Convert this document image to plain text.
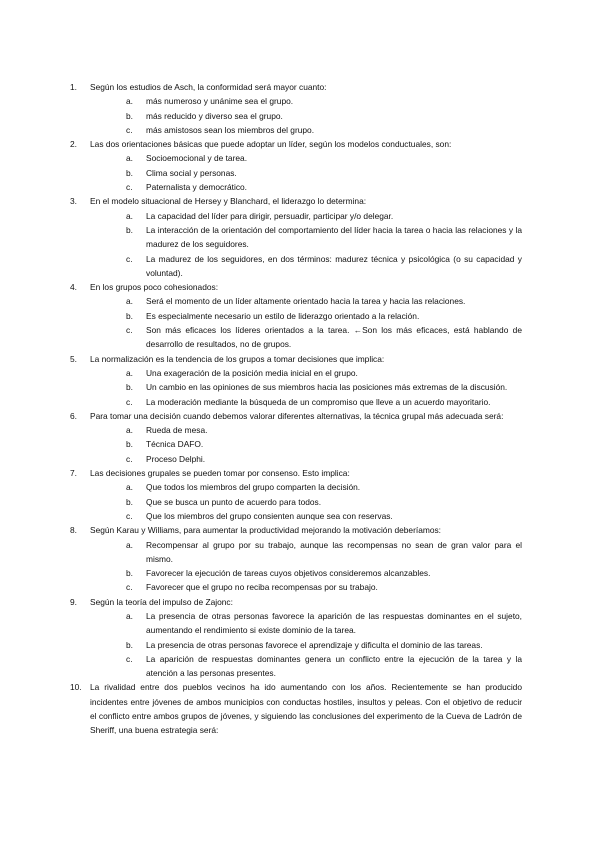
1.	Según los estudios de Asch, la conformidad será mayor cuanto:
a. más numeroso y unánime sea el grupo.
b. más reducido y diverso sea el grupo.
c. más amistosos sean los miembros del grupo.
2.	Las dos orientaciones básicas que puede adoptar un líder, según los modelos conductuales, son:
a. Socioemocional y de tarea.
b. Clima social y personas.
c. Paternalista y democrático.
3.	En el modelo situacional de Hersey y Blanchard, el liderazgo lo determina:
a. La capacidad del líder para dirigir, persuadir, participar y/o delegar.
b. La interacción de la orientación del comportamiento del líder hacia la tarea o hacia las relaciones y la madurez de los seguidores.
c. La madurez de los seguidores, en dos términos: madurez técnica y psicológica (o su capacidad y voluntad).
4.	En los grupos poco cohesionados:
a. Será el momento de un líder altamente orientado hacia la tarea y hacia las relaciones.
b. Es especialmente necesario un estilo de liderazgo orientado a la relación.
c. Son más eficaces los líderes orientados a la tarea. ←Son los más eficaces, está hablando de desarrollo de resultados, no de grupos.
5.	La normalización es la tendencia de los grupos a tomar decisiones que implica:
a. Una exageración de la posición media inicial en el grupo.
b. Un cambio en las opiniones de sus miembros hacia las posiciones más extremas de la discusión.
c. La moderación mediante la búsqueda de un compromiso que lleve a un acuerdo mayoritario.
6.	Para tomar una decisión cuando debemos valorar diferentes alternativas, la técnica grupal más adecuada será:
a. Rueda de mesa.
b. Técnica DAFO.
c. Proceso Delphi.
7.	Las decisiones grupales se pueden tomar por consenso. Esto implica:
a. Que todos los miembros del grupo comparten la decisión.
b. Que se busca un punto de acuerdo para todos.
c. Que los miembros del grupo consienten aunque sea con reservas.
8.	Según Karau y Williams, para aumentar la productividad mejorando la motivación deberíamos:
a. Recompensar al grupo por su trabajo, aunque las recompensas no sean de gran valor para el mismo.
b. Favorecer la ejecución de tareas cuyos objetivos consideremos alcanzables.
c. Favorecer que el grupo no reciba recompensas por su trabajo.
9.	Según la teoría del impulso de Zajonc:
a. La presencia de otras personas favorece la aparición de las respuestas dominantes en el sujeto, aumentando el rendimiento si existe dominio de la tarea.
b. La presencia de otras personas favorece el aprendizaje y dificulta el dominio de las tareas.
c. La aparición de respuestas dominantes genera un conflicto entre la ejecución de la tarea y la atención a las personas presentes.
10. La rivalidad entre dos pueblos vecinos ha ido aumentando con los años. Recientemente se han producido incidentes entre jóvenes de ambos municipios con conductas hostiles, insultos y peleas. Con el objetivo de reducir el conflicto entre ambos grupos de jóvenes, y siguiendo las conclusiones del experimento de la Cueva de Ladrón de Sheriff, una buena estrategia será:
